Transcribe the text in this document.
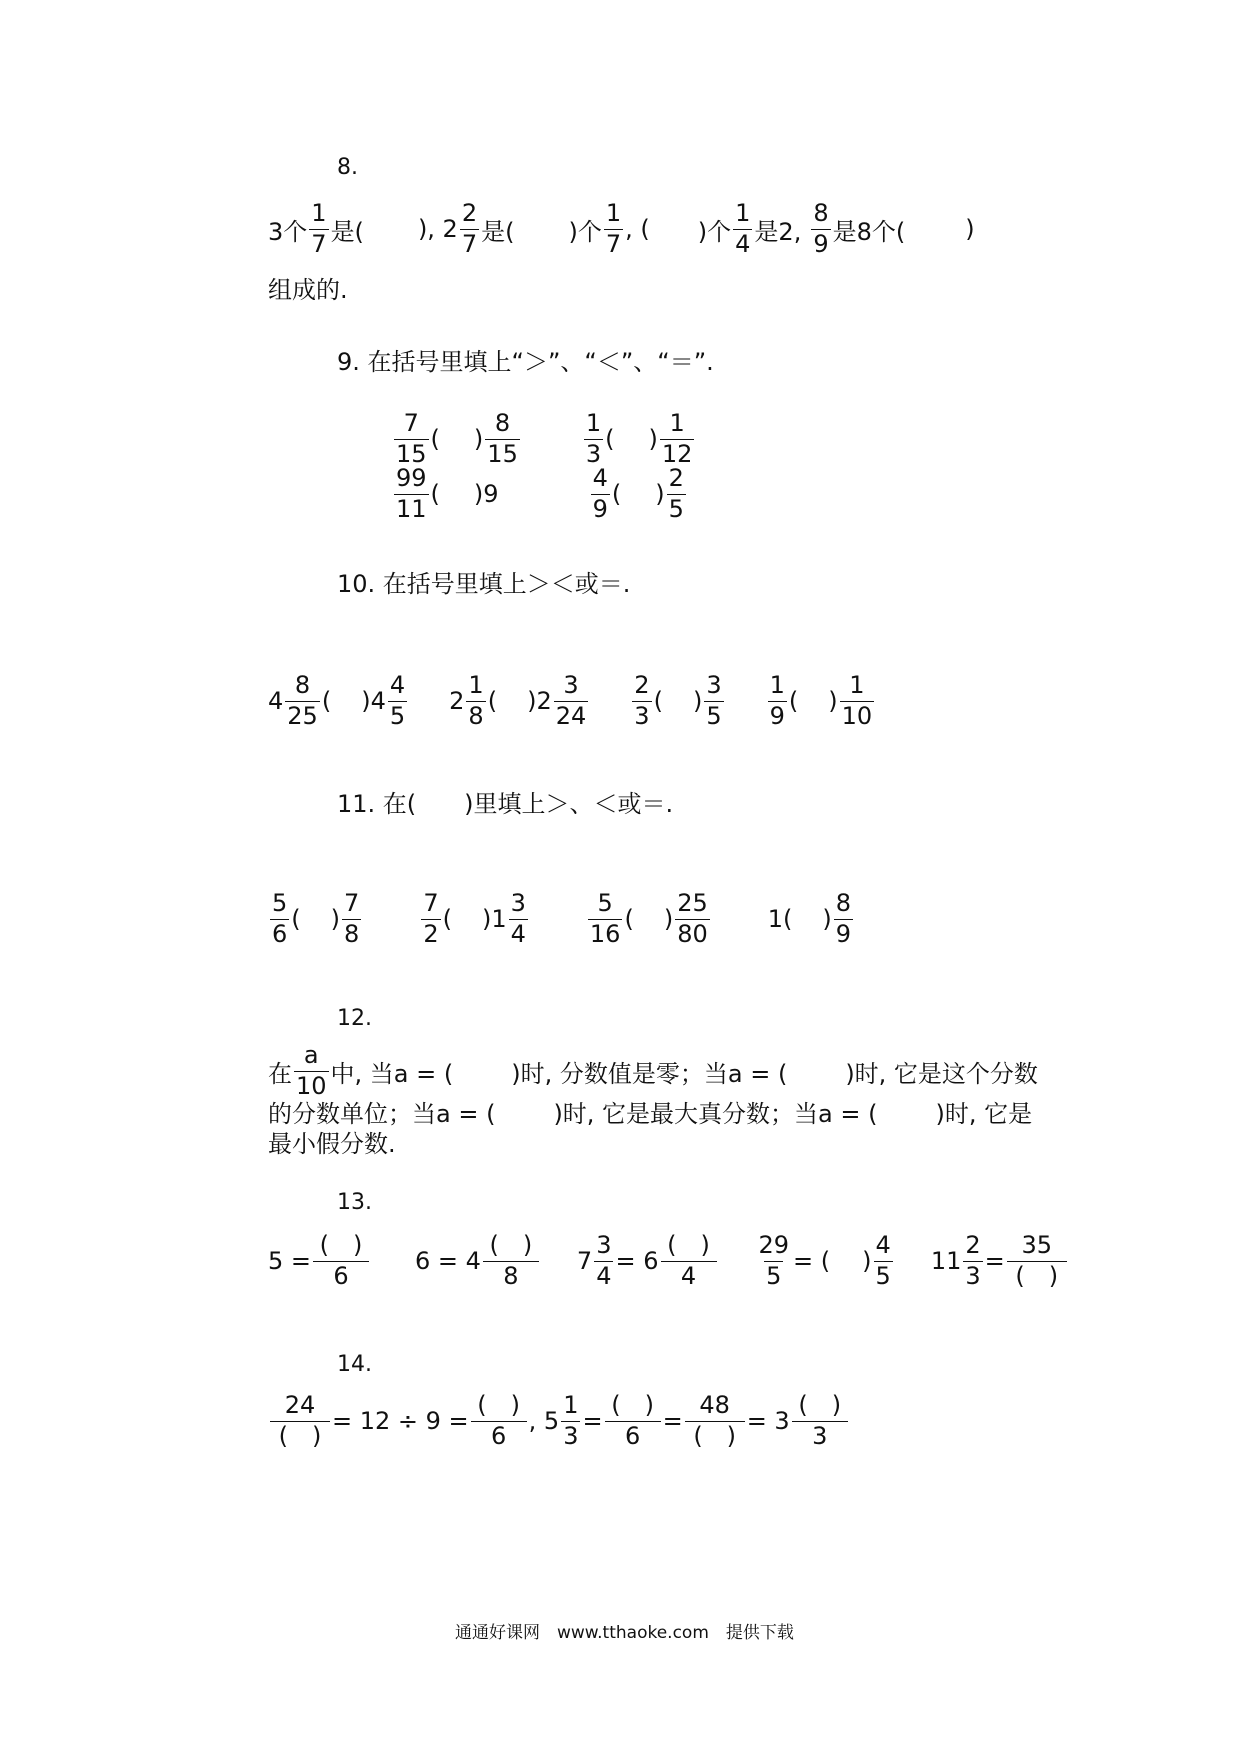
8.
3个 $\frac{1}{7}$ 是( ), $2 \frac{2}{7}$ 是( )个 $\frac{1}{7}$ , ( )个 $\frac{1}{4}$ 是2, $\frac{8}{9}$ 是8个(	)
组成的.
9. 在括号里填上“＞”、“＜”、“＝”.
$\frac{7}{15}$ ( ) $\frac{8}{15}$	$\frac{1}{3}$ ( ) $\frac{1}{12}$
$\frac{99}{11}$ ( ) 9	$\frac{4}{9}$ ( ) $\frac{2}{5}$
10. 在括号里填上＞＜或＝.
$4 \frac{8}{25}$ ( ) $4 \frac{4}{5} 2 \frac{1}{8}$ ( ) $2 \frac{3}{24} \frac{2}{3}$ ( ) $\frac{3}{5} \frac{1}{9}$ ( ) $\frac{1}{10}$
11. 在(　　)里填上＞、＜或＝.
$\frac{5}{6}$ ( ) $\frac{7}{8}$	$\frac{7}{2}$ ( ) $1 \frac{3}{4}$	$\frac{5}{16}$ ( ) $\frac{25}{80} 1$ ( ) $\frac{8}{9}$
12.
在 $\frac{a}{10}$ 中, 当a = ( )时, 分数值是零；当a = ( )时, 它是这个分数
的分数单位；当a = ( )时, 它是最大真分数；当a = ( )时, 它是
最小假分数.
13.
$5 = \frac{( )}{6} 6 = 4 \frac{( )}{8} 7 \frac{3}{4} = 6 \frac{( )}{4} \frac{29}{5}$ = ( ) $\frac{4}{5} 11 \frac{2}{3} = \frac{35}{( )}$
14.
$\frac{24}{( )} = 12 \div 9 = \frac{( )}{6}$ , $5 \frac{1}{3} = \frac{( )}{6} = \frac{48}{( )} = 3 \frac{( )}{3}$
通通好课网　www.tthaoke.com　提供下载
